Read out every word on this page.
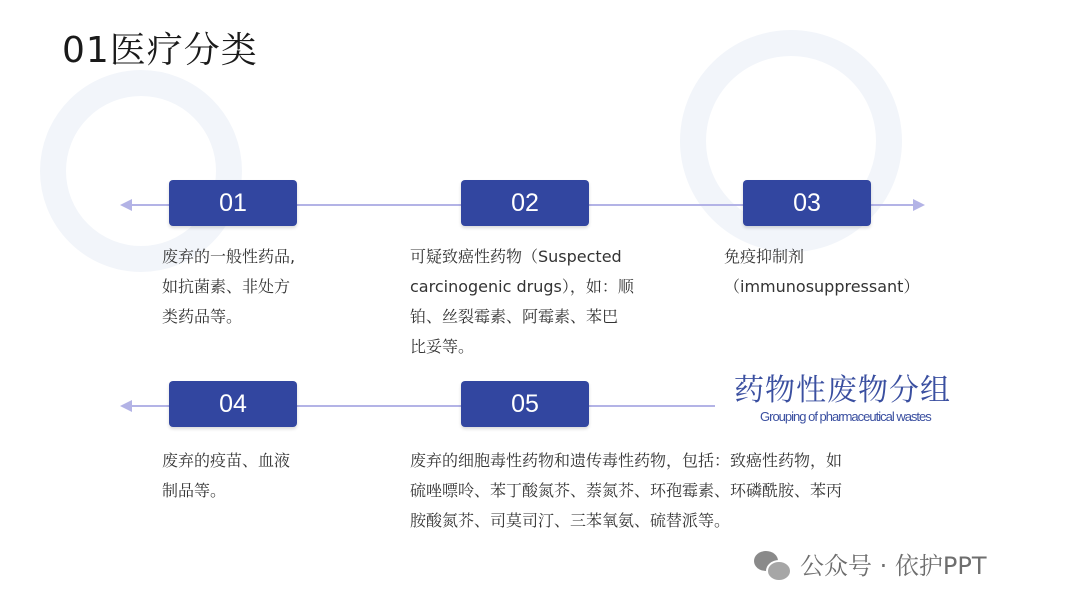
01医疗分类
01	02	03
废弃的一般性药品,
如抗菌素、非处方
类药品等。
可疑致癌性药物（Suspected
carcinogenic drugs），如：顺
铂、丝裂霉素、阿霉素、苯巴
比妥等。
免疫抑制剂
（immunosuppressant）
04	05	药物性废物分组
Grouping of pharmaceutical wastes
废弃的疫苗、血液
制品等。
废弃的细胞毒性药物和遗传毒性药物，包括：致癌性药物，如
硫唑嘌呤、苯丁酸氮芥、萘氮芥、环孢霉素、环磷酰胺、苯丙
胺酸氮芥、司莫司汀、三苯氧氨、硫替派等。
公众号 · 依护PPT
